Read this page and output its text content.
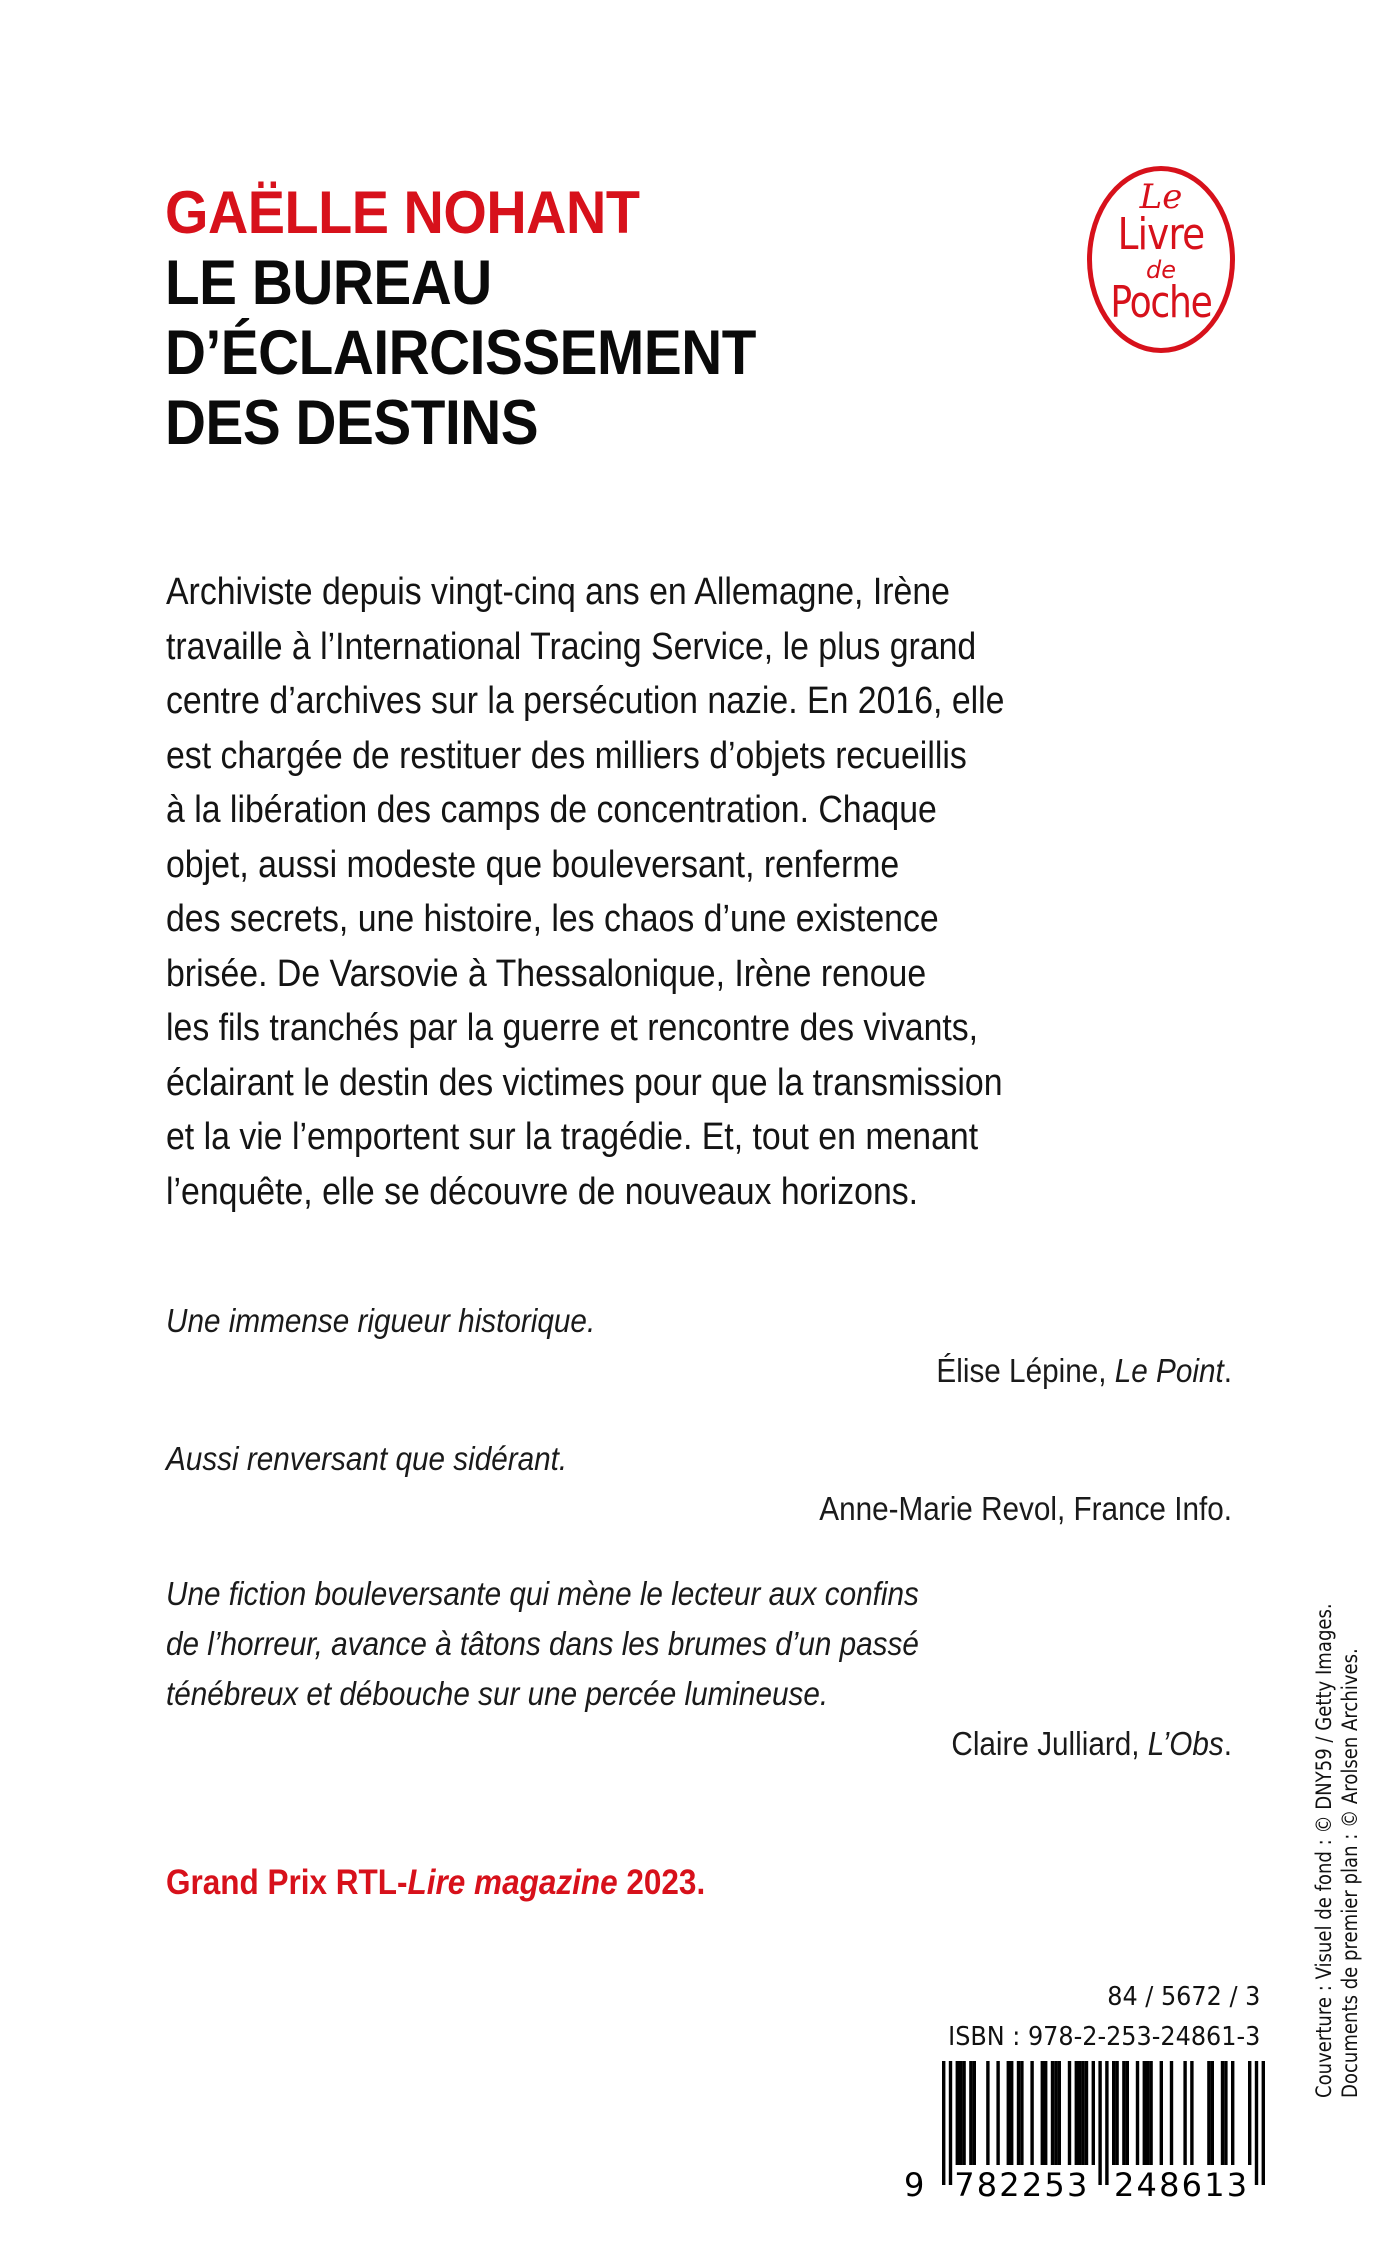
GAËLLE NOHANT
LE BUREAU
D’ÉCLAIRCISSEMENT
DES DESTINS
Le
Livre
de
Poche
Archiviste depuis vingt-cinq ans en Allemagne, Irène
travaille à l’International Tracing Service, le plus grand
centre d’archives sur la persécution nazie. En 2016, elle
est chargée de restituer des milliers d’objets recueillis
à la libération des camps de concentration. Chaque
objet, aussi modeste que bouleversant, renferme
des secrets, une histoire, les chaos d’une existence
brisée. De Varsovie à Thessalonique, Irène renoue
les fils tranchés par la guerre et rencontre des vivants,
éclairant le destin des victimes pour que la transmission
et la vie l’emportent sur la tragédie. Et, tout en menant
l’enquête, elle se découvre de nouveaux horizons.
Une immense rigueur historique.
Élise Lépine, Le Point.
Aussi renversant que sidérant.
Anne-Marie Revol, France Info.
Une fiction bouleversante qui mène le lecteur aux confins
de l’horreur, avance à tâtons dans les brumes d’un passé
ténébreux et débouche sur une percée lumineuse.
Claire Julliard, L’Obs.
Grand Prix RTL-Lire magazine 2023.
84 / 5672 / 3
ISBN : 978-2-253-24861-3
9 782253 248613
Couverture : Visuel de fond : © DNY59 / Getty Images. Documents de premier plan : © Arolsen Archives.
